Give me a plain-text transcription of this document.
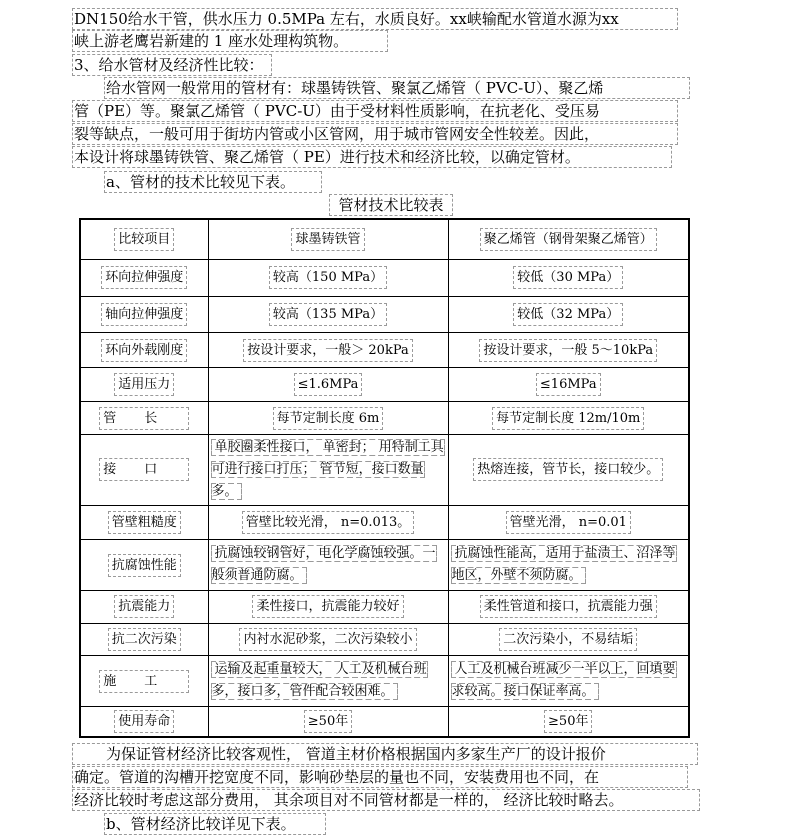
DN150给水干管，供水压力 0.5MPa 左右，水质良好。xx峡输配水管道水源为xx
峡上游老鹰岩新建的 1 座水处理构筑物。
3、给水管材及经济性比较：
给水管网一般常用的管材有：球墨铸铁管、聚氯乙烯管（ PVC-U）、聚乙烯
管（PE）等。聚氯乙烯管（ PVC-U）由于受材料性质影响，在抗老化、受压易
裂等缺点，一般可用于街坊内管或小区管网，用于城市管网安全性较差。因此，
本设计将球墨铸铁管、聚乙烯管（ PE）进行技术和经济比较，以确定管材。
a、管材的技术比较见下表。
管材技术比较表
比较项目	球墨铸铁管	聚乙烯管（钢骨架聚乙烯管）
环向拉伸强度	较高（150 MPa）	较低（30 MPa）
轴向拉伸强度	较高（135 MPa）	较低（32 MPa）
环向外载刚度	按设计要求，一般＞ 20kPa	按设计要求，一般 5～10kPa
适用压力	≤1.6MPa	≤16MPa
管长	每节定制长度 6m	每节定制长度 12m/10m
接口	单胶圈柔性接口， 单密封； 用特制工具可进行接口打压； 管节短，接口数量多。	热熔连接，管节长，接口较少。
管壁粗糙度	管壁比较光滑， n=0.013。	管壁光滑， n=0.01
抗腐蚀性能	抗腐蚀较钢管好，电化学腐蚀较强。一般须普通防腐。	抗腐蚀性能高，适用于盐渍土、沼泽等地区，外壁不须防腐。
抗震能力	柔性接口，抗震能力较好	柔性管道和接口，抗震能力强
抗二次污染	内衬水泥砂浆，二次污染较小	二次污染小，不易结垢
施工	运输及起重量较大， 人工及机械台班多，接口多，管件配合较困难。	人工及机械台班减少一半以上，回填要求较高。接口保证率高。
使用寿命	≥50年	≥50年
为保证管材经济比较客观性， 管道主材价格根据国内多家生产厂的设计报价
确定。管道的沟槽开挖宽度不同，影响砂垫层的量也不同，安装费用也不同，在
经济比较时考虑这部分费用， 其余项目对不同管材都是一样的， 经济比较时略去。
b、管材经济比较详见下表。
